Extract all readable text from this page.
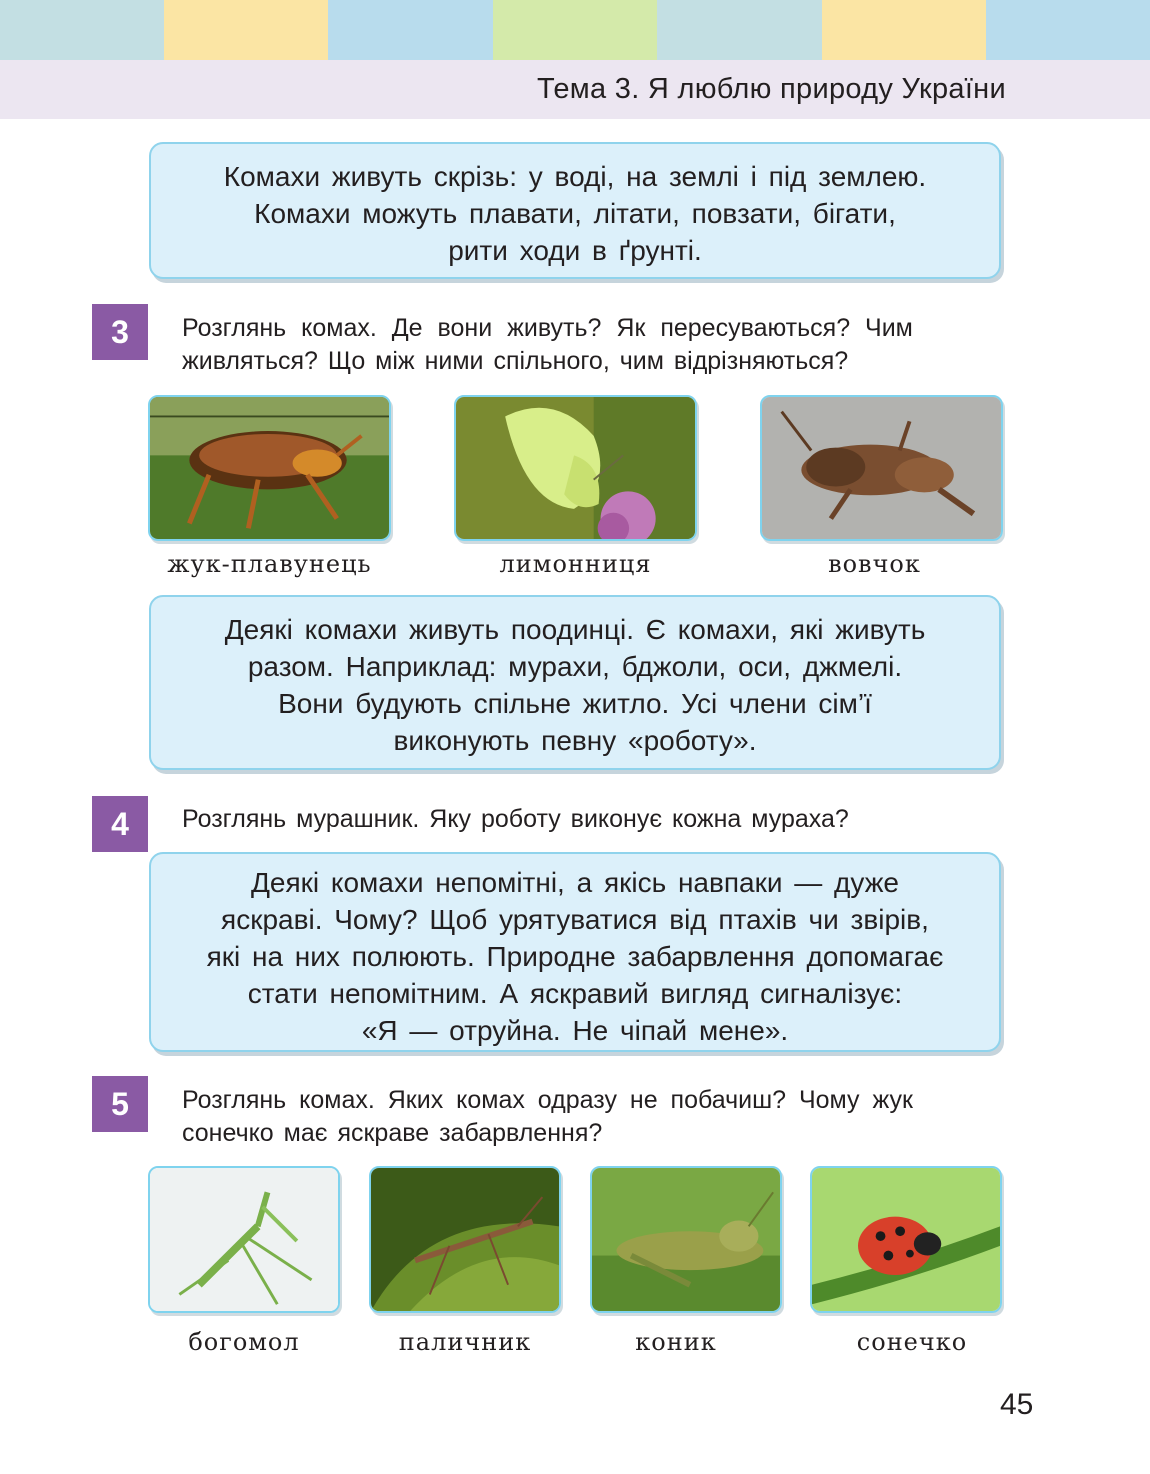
Тема 3. Я люблю природу України
Комахи живуть скрізь: у воді, на землі і під землею.
Комахи можуть плавати, літати, повзати, бігати,
рити ходи в ґрунті.
3	Розглянь комах. Де вони живуть? Як пересуваються? Чим
живляться? Що між ними спільного, чим відрізняються?
жук-плавунець	лимонниця	вовчок
Деякі комахи живуть поодинці. Є комахи, які живуть
разом. Наприклад: мурахи, бджоли, оси, джмелі.
Вони будують спільне житло. Усі члени сім’ї
виконують певну «роботу».
4	Розглянь мурашник. Яку роботу виконує кожна мураха?
Деякі комахи непомітні, а якісь навпаки — дуже
яскраві. Чому? Щоб урятуватися від птахів чи звірів,
які на них полюють. Природне забарвлення допомагає
стати непомітним. А яскравий вигляд сигналізує:
«Я — отруйна. Не чіпай мене».
5	Розглянь комах. Яких комах одразу не побачиш? Чому жук
сонечко має яскраве забарвлення?
богомол	паличник	коник	сонечко
45
